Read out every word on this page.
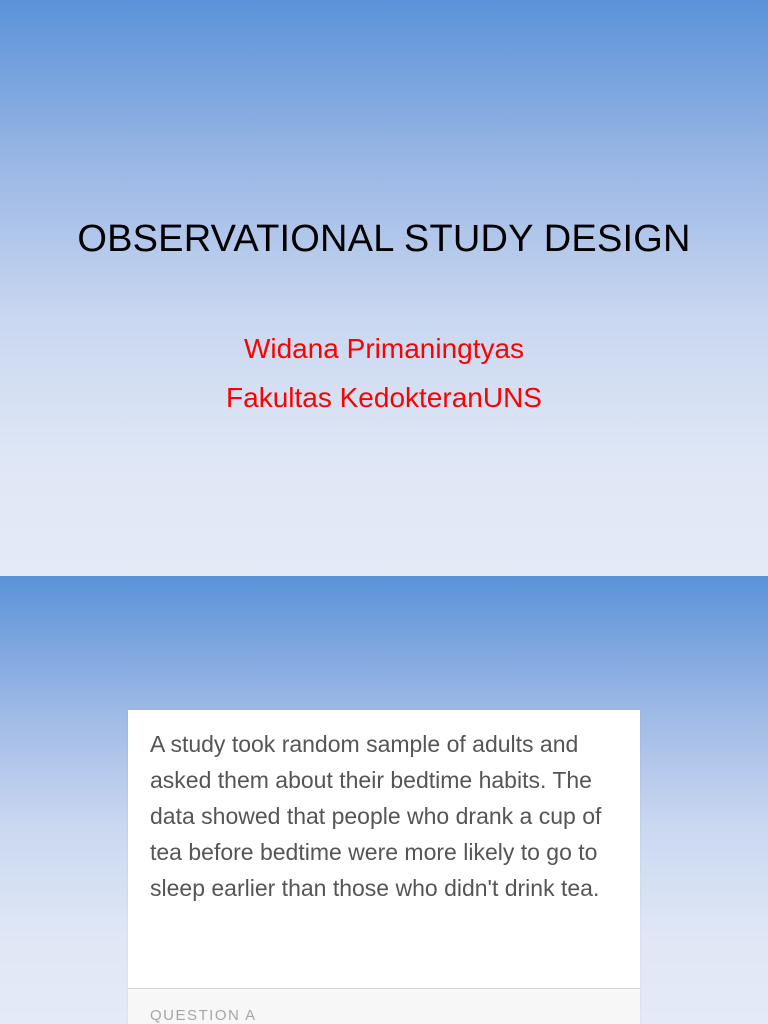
OBSERVATIONAL STUDY DESIGN
Widana Primaningtyas
Fakultas KedokteranUNS

A study took random sample of adults and asked them about their bedtime habits. The data showed that people who drank a cup of tea before bedtime were more likely to go to sleep earlier than those who didn't drink tea.

QUESTION A
